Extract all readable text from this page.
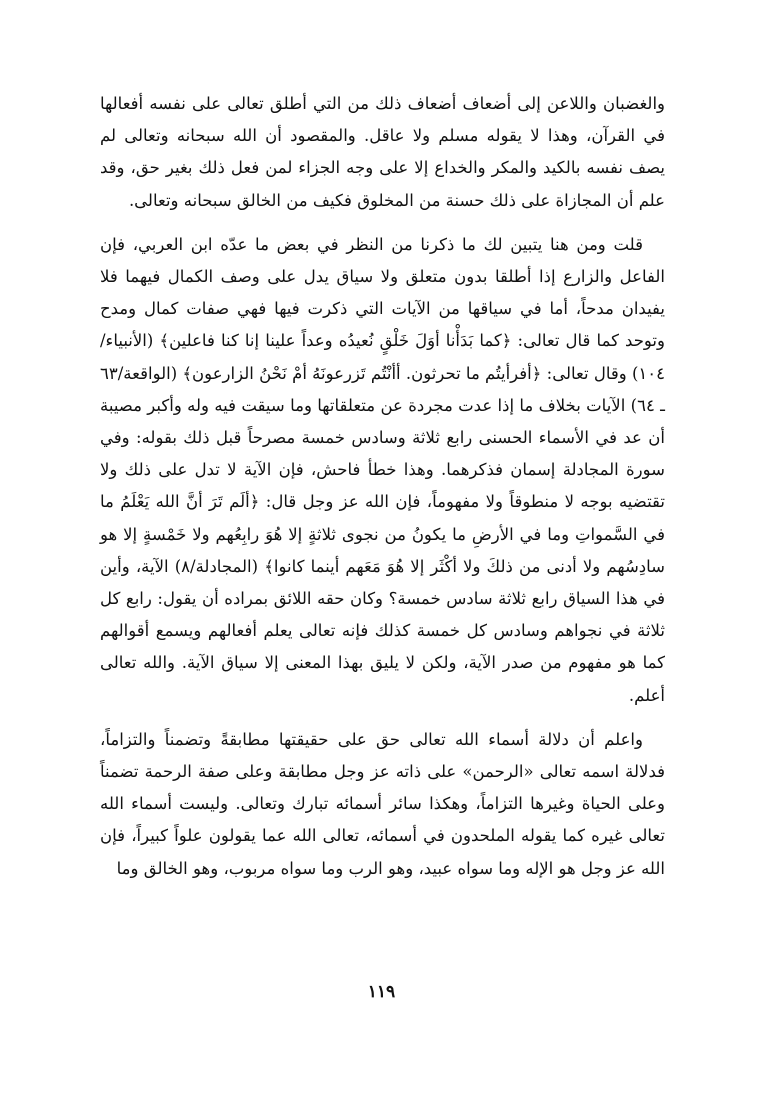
والغضبان واللاعن إلى أضعاف أضعاف ذلك من التي أطلق تعالى على نفسه أفعالها في القرآن، وهذا لا يقوله مسلم ولا عاقل. والمقصود أن الله سبحانه وتعالى لم يصف نفسه بالكيد والمكر والخداع إلا على وجه الجزاء لمن فعل ذلك بغير حق، وقد علم أن المجازاة على ذلك حسنة من المخلوق فكيف من الخالق سبحانه وتعالى.

قلت ومن هنا يتبين لك ما ذكرنا من النظر في بعض ما عدّه ابن العربي، فإن الفاعل والزارع إذا أطلقا بدون متعلق ولا سياق يدل على وصف الكمال فيهما فلا يفيدان مدحاً، أما في سياقها من الآيات التي ذكرت فيها فهي صفات كمال ومدح وتوحد كما قال تعالى: ﴿كما بَدَأْنا أوَلَ خَلْقٍ نُعيدُه وعداً علينا إنا كنا فاعلين﴾ (الأنبياء/١٠٤) وقال تعالى: ﴿أفرأيتُم ما تحرثون. أأنْتُم تَزرعونَهُ أمْ نَحْنُ الزارعون﴾ (الواقعة/٦٣ ـ ٦٤) الآيات بخلاف ما إذا عدت مجردة عن متعلقاتها وما سيقت فيه وله وأكبر مصيبة أن عد في الأسماء الحسنى رابع ثلاثة وسادس خمسة مصرحاً قبل ذلك بقوله: وفي سورة المجادلة إسمان فذكرهما. وهذا خطأ فاحش، فإن الآية لا تدل على ذلك ولا تقتضيه بوجه لا منطوقاً ولا مفهوماً، فإن الله عز وجل قال: ﴿ألَم تَرَ أنَّ الله يَعْلَمُ ما في السَّمواتِ وما في الأرضِ ما يكونُ من نجوى ثلاثةٍ إلا هُوَ رابِعُهم ولا خَمْسةٍ إلا هو سادِسُهم ولا أدنى من ذلكَ ولا أكْثَر إلا هُوَ مَعَهم أينما كانوا﴾ (المجادلة/٨) الآية، وأين في هذا السياق رابع ثلاثة سادس خمسة؟ وكان حقه اللائق بمراده أن يقول: رابع كل ثلاثة في نجواهم وسادس كل خمسة كذلك فإنه تعالى يعلم أفعالهم ويسمع أقوالهم كما هو مفهوم من صدر الآية، ولكن لا يليق بهذا المعنى إلا سياق الآية. والله تعالى أعلم.

واعلم أن دلالة أسماء الله تعالى حق على حقيقتها مطابقةً وتضمناً والتزاماً، فدلالة اسمه تعالى «الرحمن» على ذاته عز وجل مطابقة وعلى صفة الرحمة تضمناً وعلى الحياة وغيرها التزاماً، وهكذا سائر أسمائه تبارك وتعالى. وليست أسماء الله تعالى غيره كما يقوله الملحدون في أسمائه، تعالى الله عما يقولون علواً كبيراً، فإن الله عز وجل هو الإله وما سواه عبيد، وهو الرب وما سواه مربوب، وهو الخالق وما

١١٩
